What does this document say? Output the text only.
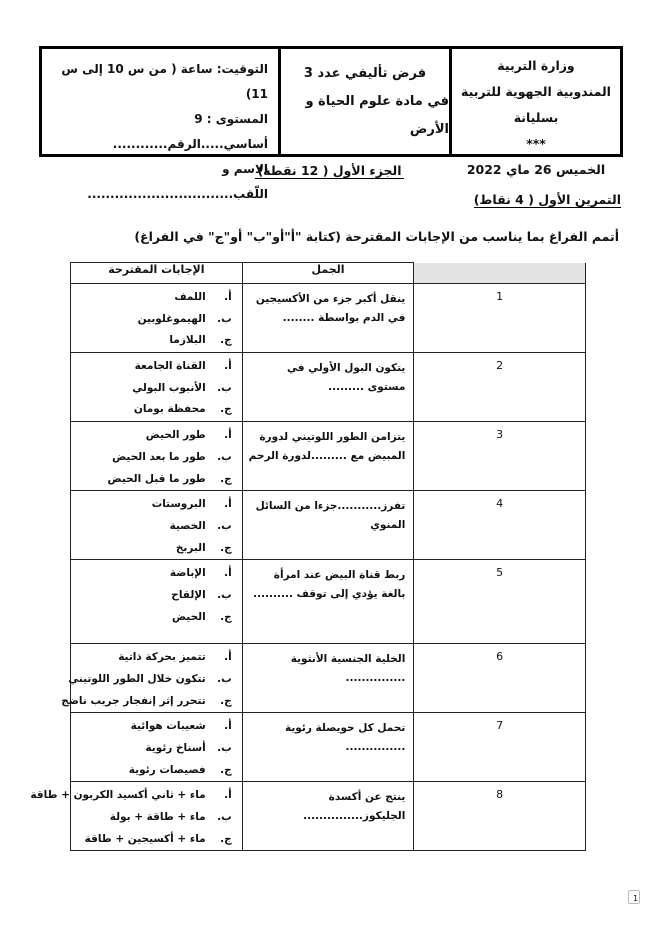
وزارة التربية
المندوبية الجهوية للتربية بسليانة
***
الخميس 26 ماي 2022
فرض تأليفي عدد 3
في مادة علوم الحياة و الأرض
التوقيت: ساعة ( من س 10 إلى س 11)
المستوى : 9 أساسي.....الرقم............
الاسم و اللّقب................................
الجزء الأول ( 12 نقطة)
التمرين الأول ( 4 نقاط)
أتمم الفراغ بما يناسب من الإجابات المقترحة (كتابة "أ"أو"ب" أو"ج" في الفراغ)
	الجمل	الإجابات المقترحة
1	ينقل أكبر جزء من الأكسيجين في الدم بواسطة ........	أ.اللمف
ب.الهيموغلوبين
ج.البلازما

2	يتكون البول الأولي في مستوى .........	أ.القناة الجامعة
ب.الأنبوب البولي
ج.محفظة بومان

3	يتزامن الطور اللوتيني لدورة المبيض مع .........لدورة الرحم	أ.طور الحيض
ب.طور ما بعد الحيض
ج.طور ما قبل الحيض

4	تفرز...........جزءا من السائل المنوي	أ.البروستات
ب.الخصية
ج.البربخ

5	ربط قناة البيض عند امرأة بالغة يؤدي إلى توقف ..........	أ.الإباضة
ب.الإلقاح
ج.الحيض

6	الخلية الجنسية الأنثوية ...............	أ.تتميز بحركة ذاتية
ب.تتكون خلال الطور اللوتيني
ج.تتحرر إثر إنفجار جريب ناضج

7	تحمل كل حويصلة رئوية ...............	أ.شعيبات هوائية
ب.أسناخ رئوية
ج.فصيصات رئوية

8	ينتج عن أكسدة الجليكوز...............	أ.ماء + ثاني أكسيد الكربون + طاقة
ب.ماء + طاقة + بولة
ج.ماء + أكسيجين + طاقة
1
